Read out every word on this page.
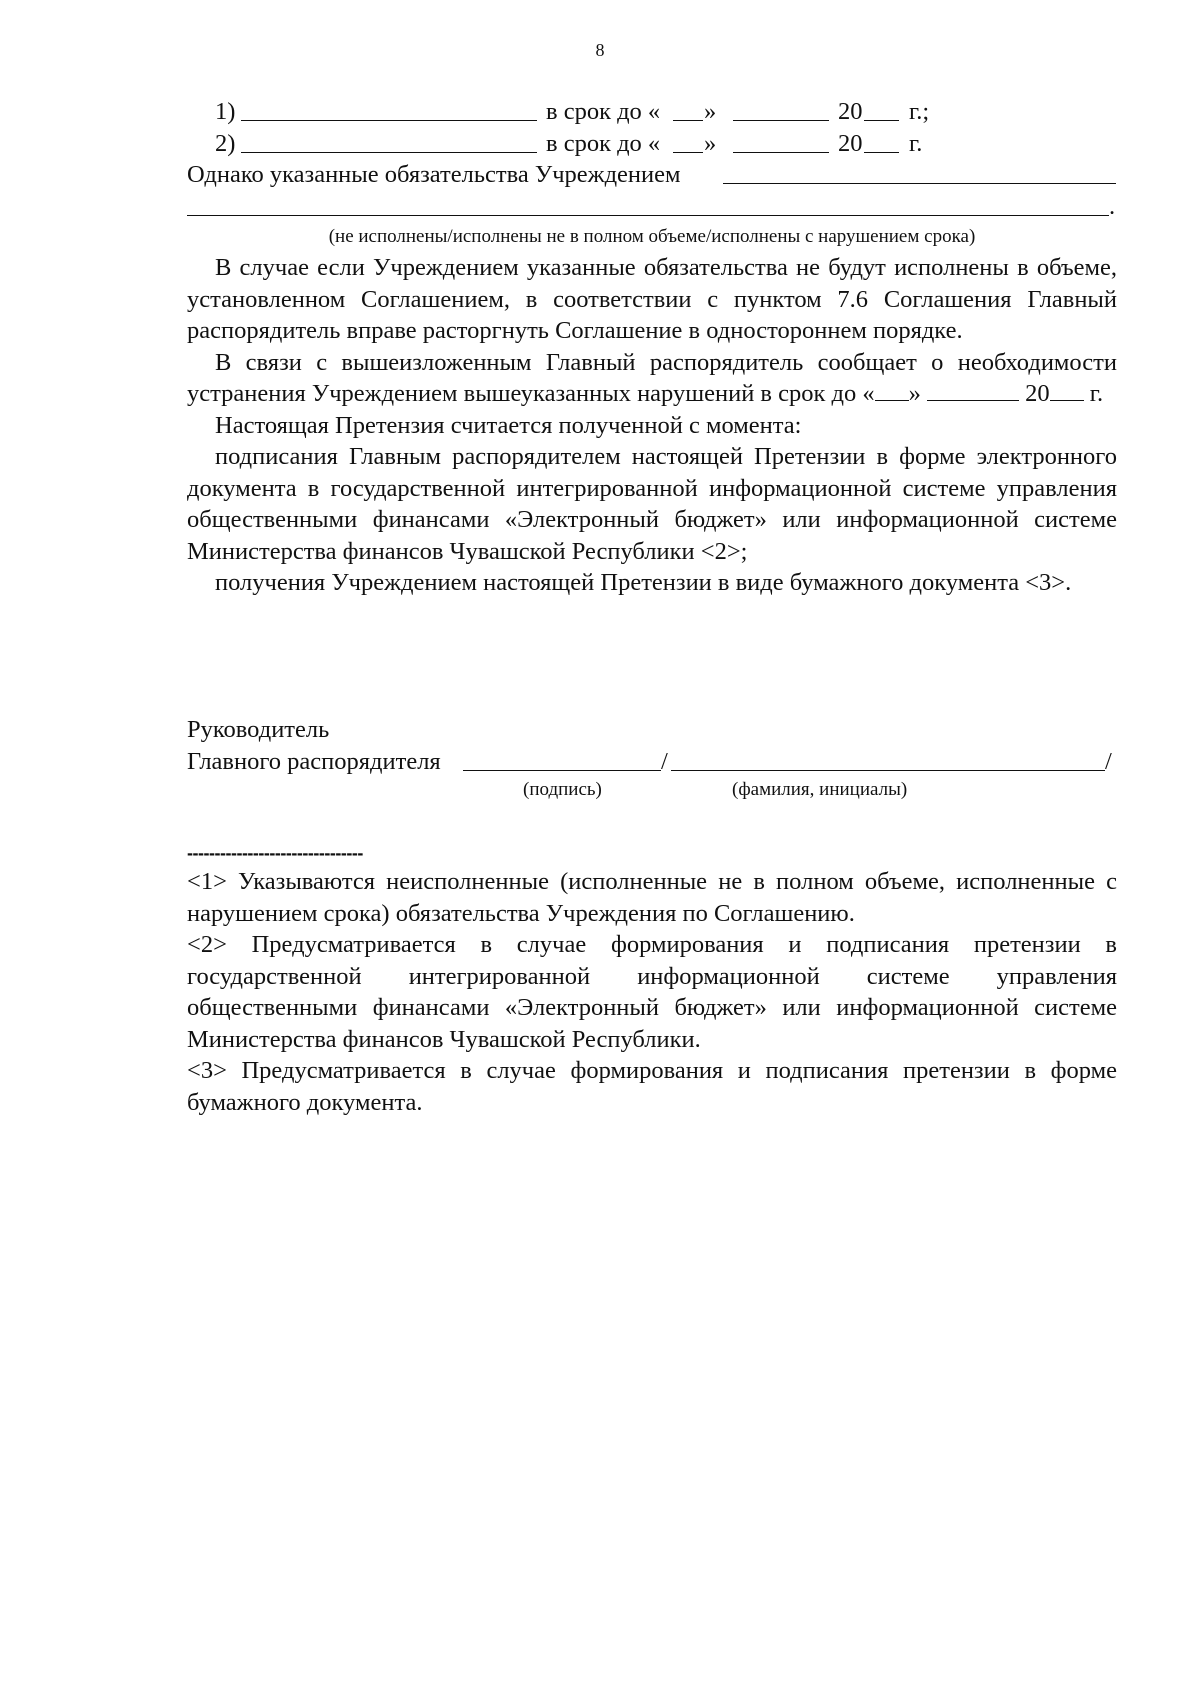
8
1)	в срок до « »	20 г.;
2)	в срок до « »	20 г.
Однако указанные обязательства Учреждением
.
(не исполнены/исполнены не в полном объеме/исполнены с нарушением срока)
В случае если Учреждением указанные обязательства не будут исполнены в объеме, установленном Соглашением, в соответствии с пунктом 7.6 Соглашения Главный распорядитель вправе расторгнуть Соглашение в одностороннем порядке.
В связи с вышеизложенным Главный распорядитель сообщает о необходимости устранения Учреждением вышеуказанных нарушений в срок до « »	20 г.
Настоящая Претензия считается полученной с момента:
подписания Главным распорядителем настоящей Претензии в форме электронного документа в государственной интегрированной информационной системе управления общественными финансами «Электронный бюджет» или информационной системе Министерства финансов Чувашской Республики <2>;
получения Учреждением настоящей Претензии в виде бумажного документа <3>.
Руководитель
Главного распорядителя	/	/
(подпись)	(фамилия, инициалы)
--------------------------------
<1> Указываются неисполненные (исполненные не в полном объеме, исполненные с нарушением срока) обязательства Учреждения по Соглашению.
<2> Предусматривается в случае формирования и подписания претензии в государственной интегрированной информационной системе управления общественными финансами «Электронный бюджет» или информационной системе Министерства финансов Чувашской Республики.
<3> Предусматривается в случае формирования и подписания претензии в форме бумажного документа.
